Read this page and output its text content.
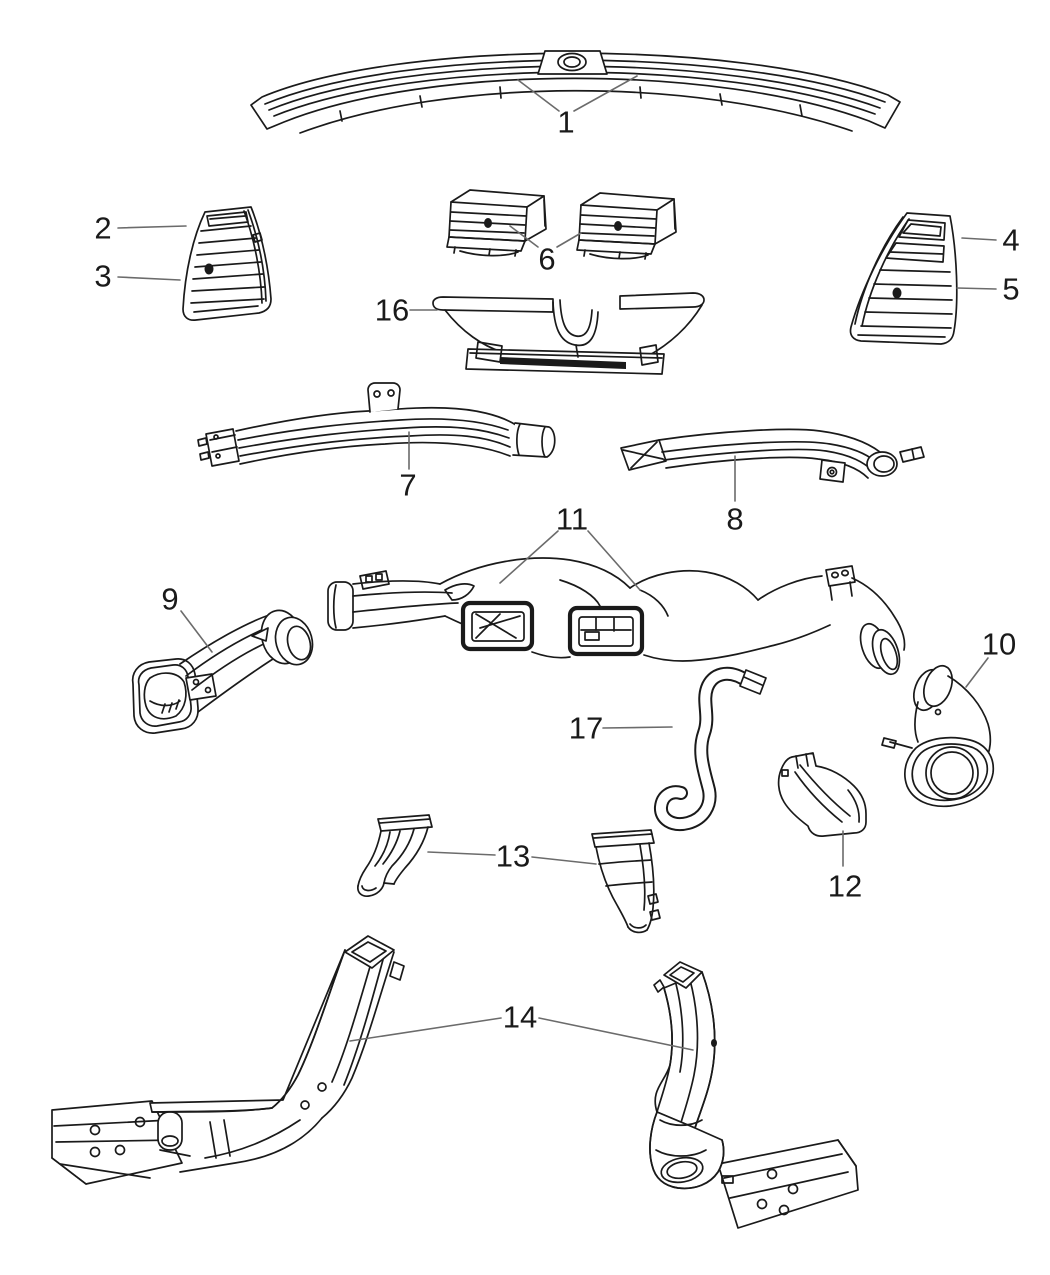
1
2
3
4
5
6
7
8
9
10
11
12
13
14
16
17
